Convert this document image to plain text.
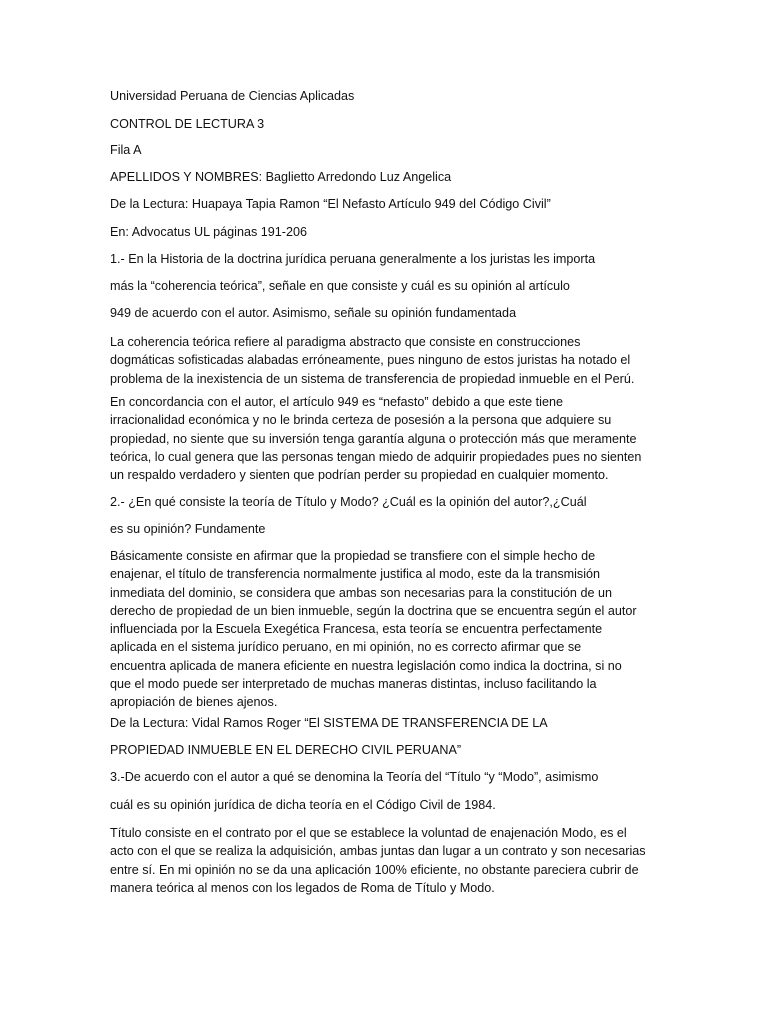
Universidad Peruana de Ciencias Aplicadas
CONTROL DE LECTURA 3
Fila A
APELLIDOS Y NOMBRES: Baglietto Arredondo Luz Angelica
De la Lectura: Huapaya Tapia Ramon “El Nefasto Artículo 949 del Código Civil”
En: Advocatus UL páginas 191-206
1.- En la Historia de la doctrina jurídica peruana generalmente a los juristas les importa
más la “coherencia teórica”, señale en que consiste y cuál es su opinión al artículo
949 de acuerdo con el autor. Asimismo, señale su opinión fundamentada
La coherencia teórica refiere al paradigma abstracto que consiste en construcciones
dogmáticas sofisticadas alabadas erróneamente, pues ninguno de estos juristas ha notado el
problema de la inexistencia de un sistema de transferencia de propiedad inmueble en el Perú.
En concordancia con el autor, el artículo 949 es “nefasto” debido a que este tiene
irracionalidad económica y no le brinda certeza de posesión a la persona que adquiere su
propiedad, no siente que su inversión tenga garantía alguna o protección más que meramente
teórica, lo cual genera que las personas tengan miedo de adquirir propiedades pues no sienten
un respaldo verdadero y sienten que podrían perder su propiedad en cualquier momento.
2.- ¿En qué consiste la teoría de Título y Modo? ¿Cuál es la opinión del autor?,¿Cuál
es su opinión? Fundamente
Básicamente consiste en afirmar que la propiedad se transfiere con el simple hecho de
enajenar, el título de transferencia normalmente justifica al modo, este da la transmisión
inmediata del dominio, se considera que ambas son necesarias para la constitución de un
derecho de propiedad de un bien inmueble, según la doctrina que se encuentra según el autor
influenciada por la Escuela Exegética Francesa, esta teoría se encuentra perfectamente
aplicada en el sistema jurídico peruano, en mi opinión, no es correcto afirmar que se
encuentra aplicada de manera eficiente en nuestra legislación como indica la doctrina, si no
que el modo puede ser interpretado de muchas maneras distintas, incluso facilitando la
apropiación de bienes ajenos.
De la Lectura: Vidal Ramos Roger “El SISTEMA DE TRANSFERENCIA DE LA
PROPIEDAD INMUEBLE EN EL DERECHO CIVIL PERUANA”
3.-De acuerdo con el autor a qué se denomina la Teoría del “Título “y “Modo”, asimismo
cuál es su opinión jurídica de dicha teoría en el Código Civil de 1984.
Título consiste en el contrato por el que se establece la voluntad de enajenación Modo, es el
acto con el que se realiza la adquisición, ambas juntas dan lugar a un contrato y son necesarias
entre sí. En mi opinión no se da una aplicación 100% eficiente, no obstante pareciera cubrir de
manera teórica al menos con los legados de Roma de Título y Modo.
